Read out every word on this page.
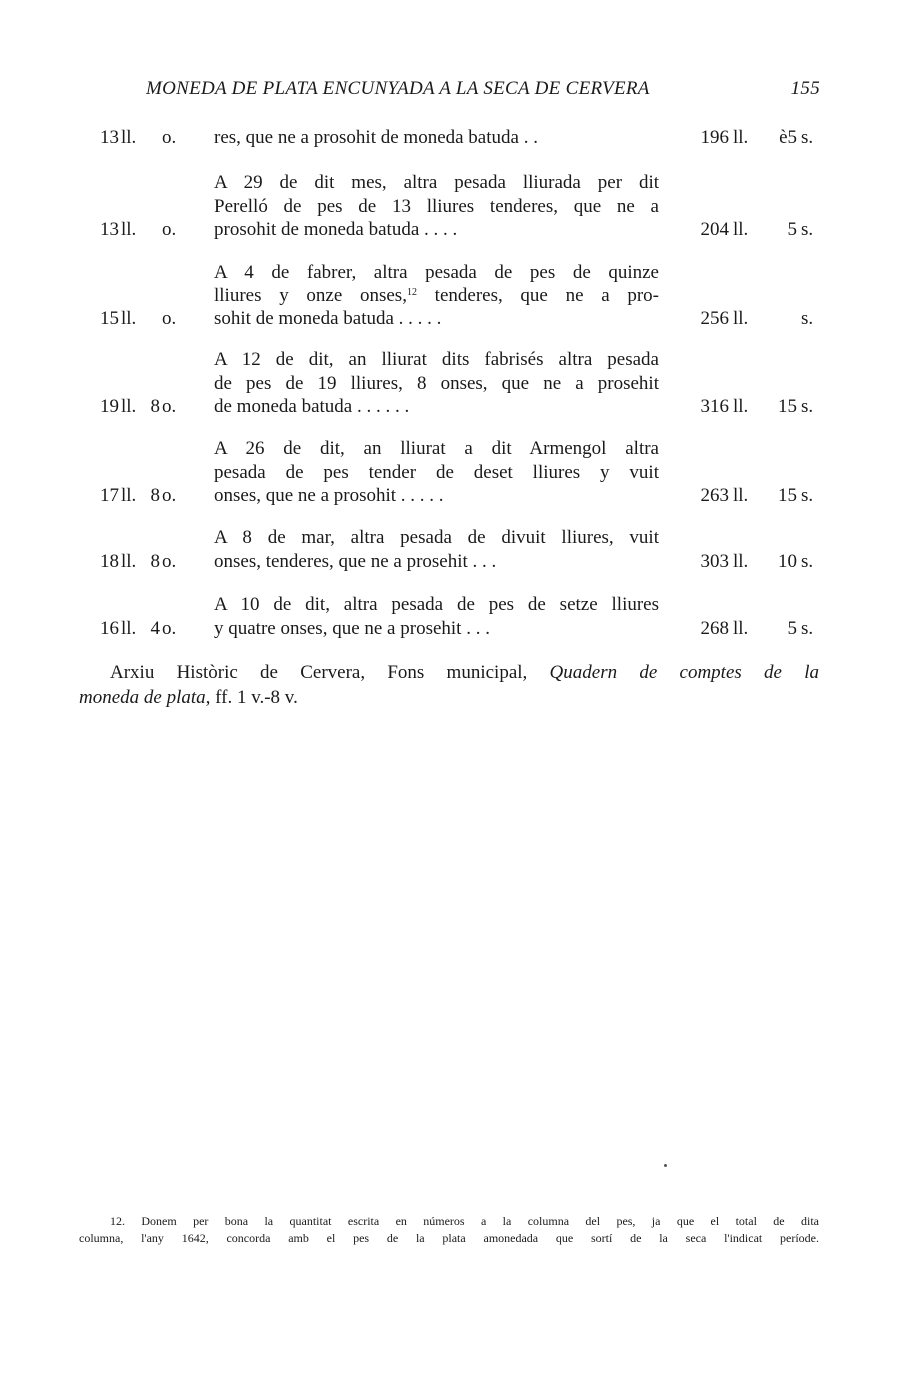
MONEDA DE PLATA ENCUNYADA A LA SECA DE CERVERA	155
res, que ne a prosohit de moneda batuda . .
13 ll. o.	196 ll.	è5 s.
A 29 de dit mes, altra pesada lliurada per dit
Perelló de pes de 13 lliures tenderes, que ne a
prosohit de moneda batuda . . . .
13 ll. o.	204 ll.	5 s.
A 4 de fabrer, altra pesada de pes de quinze
lliures y onze onses,$^{12}$ tenderes, que ne a pro-
sohit de moneda batuda . . . . .
15 ll. o.	256 ll.	s.
A 12 de dit, an lliurat dits fabrisés altra pesada
de pes de 19 lliures, 8 onses, que ne a prosehit
de moneda batuda . . . . . .
19 ll. 8 o.	316 ll.	15 s.
A 26 de dit, an lliurat a dit Armengol altra
pesada de pes tender de deset lliures y vuit
onses, que ne a prosohit . . . . .
17 ll. 8 o.	263 ll.	15 s.
A 8 de mar, altra pesada de divuit lliures, vuit
onses, tenderes, que ne a prosehit . . .
18 ll. 8 o.	303 ll.	10 s.
A 10 de dit, altra pesada de pes de setze lliures
y quatre onses, que ne a prosehit . . .
16 ll. 4 o.	268 ll.	5 s.
Arxiu Històric de Cervera, Fons municipal, Quadern de comptes de la
moneda de plata, ff. 1 v.-8 v.
12. Donem per bona la quantitat escrita en números a la columna del pes, ja que el total de dita
columna, l'any 1642, concorda amb el pes de la plata amonedada que sortí de la seca l'indicat període.
